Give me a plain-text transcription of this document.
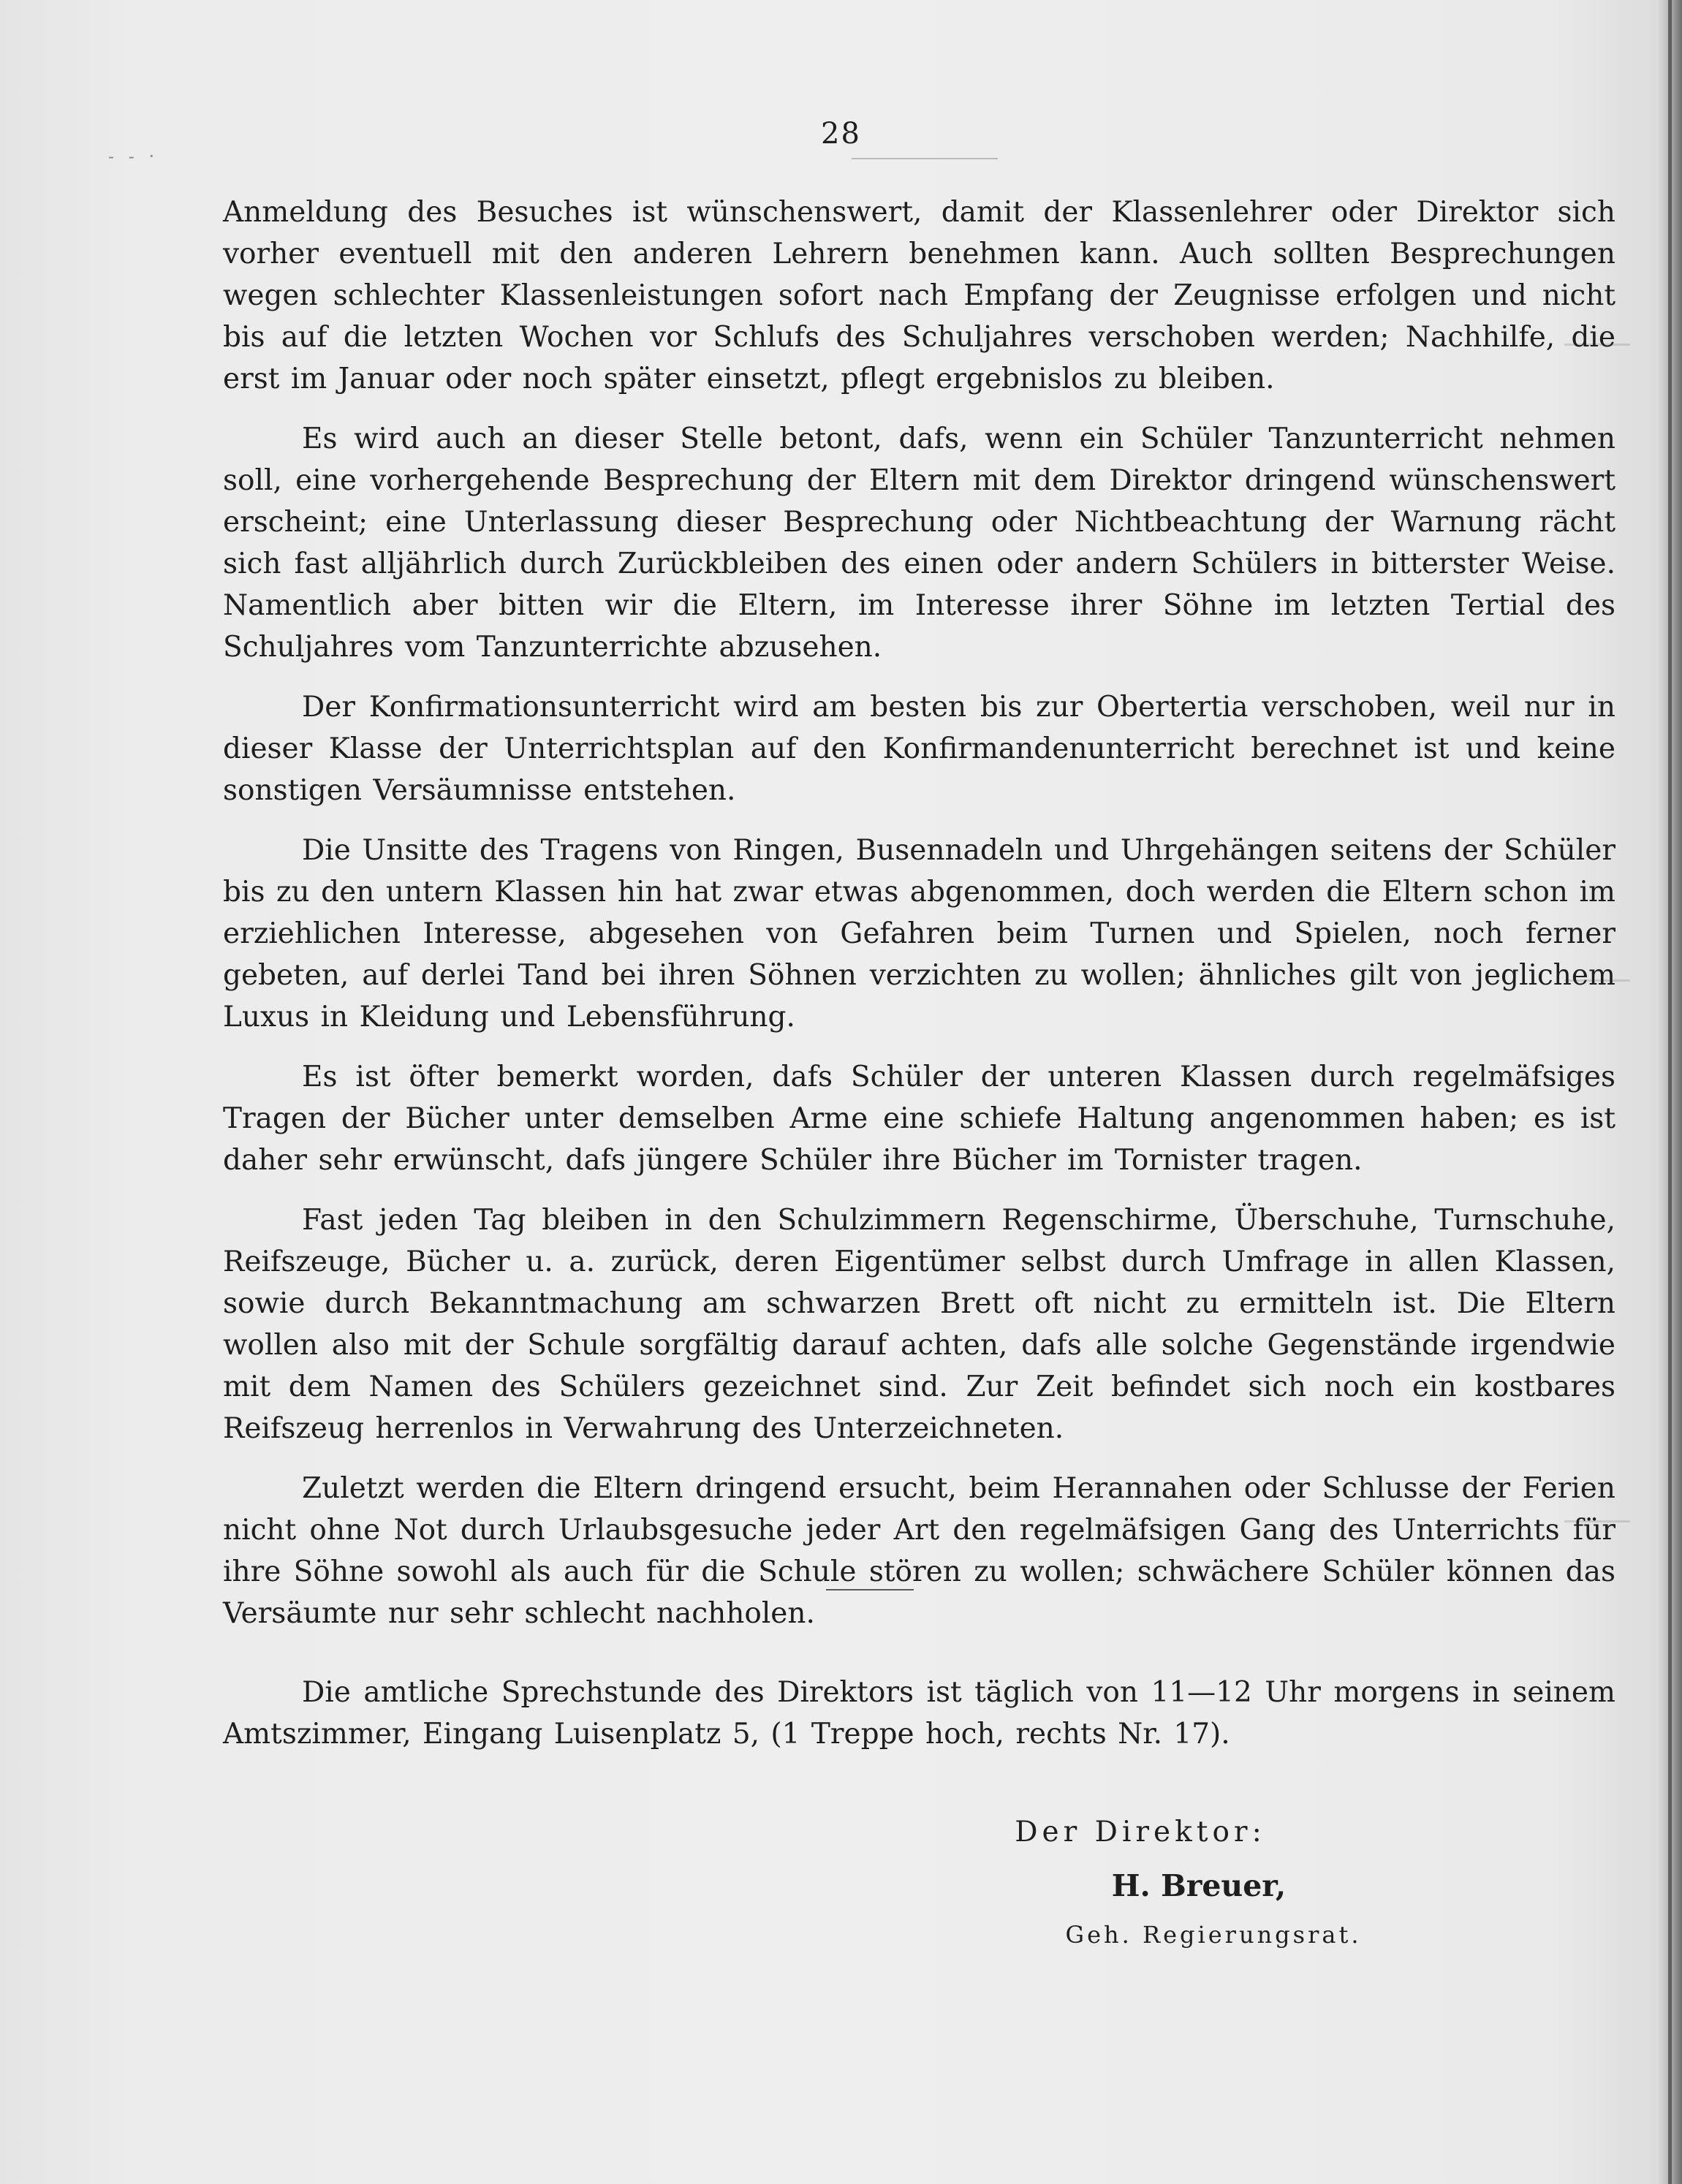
- - ·
28

Anmeldung des Besuches ist wünschenswert, damit der Klassenlehrer oder Direktor sich vorher eventuell mit den anderen Lehrern benehmen kann. Auch sollten Besprechungen wegen schlechter Klassenleistungen sofort nach Empfang der Zeugnisse erfolgen und nicht bis auf die letzten Wochen vor Schlufs des Schuljahres verschoben werden; Nachhilfe, die erst im Januar oder noch später einsetzt, pflegt ergebnislos zu bleiben.

Es wird auch an dieser Stelle betont, dafs, wenn ein Schüler Tanzunterricht nehmen soll, eine vorhergehende Besprechung der Eltern mit dem Direktor dringend wünschenswert erscheint; eine Unterlassung dieser Besprechung oder Nichtbeachtung der Warnung rächt sich fast alljährlich durch Zurückbleiben des einen oder andern Schülers in bitterster Weise. Namentlich aber bitten wir die Eltern, im Interesse ihrer Söhne im letzten Tertial des Schuljahres vom Tanzunterrichte abzusehen.

Der Konfirmationsunterricht wird am besten bis zur Obertertia verschoben, weil nur in dieser Klasse der Unterrichtsplan auf den Konfirmandenunterricht berechnet ist und keine sonstigen Versäumnisse entstehen.

Die Unsitte des Tragens von Ringen, Busennadeln und Uhrgehängen seitens der Schüler bis zu den untern Klassen hin hat zwar etwas abgenommen, doch werden die Eltern schon im erziehlichen Interesse, abgesehen von Gefahren beim Turnen und Spielen, noch ferner gebeten, auf derlei Tand bei ihren Söhnen verzichten zu wollen; ähnliches gilt von jeglichem Luxus in Kleidung und Lebensführung.

Es ist öfter bemerkt worden, dafs Schüler der unteren Klassen durch regelmäfsiges Tragen der Bücher unter demselben Arme eine schiefe Haltung angenommen haben; es ist daher sehr erwünscht, dafs jüngere Schüler ihre Bücher im Tornister tragen.

Fast jeden Tag bleiben in den Schulzimmern Regenschirme, Überschuhe, Turnschuhe, Reifszeuge, Bücher u. a. zurück, deren Eigentümer selbst durch Umfrage in allen Klassen, sowie durch Bekanntmachung am schwarzen Brett oft nicht zu ermitteln ist. Die Eltern wollen also mit der Schule sorgfältig darauf achten, dafs alle solche Gegenstände irgendwie mit dem Namen des Schülers gezeichnet sind. Zur Zeit befindet sich noch ein kostbares Reifszeug herrenlos in Verwahrung des Unterzeichneten.

Zuletzt werden die Eltern dringend ersucht, beim Herannahen oder Schlusse der Ferien nicht ohne Not durch Urlaubsgesuche jeder Art den regelmäfsigen Gang des Unterrichts für ihre Söhne sowohl als auch für die Schule stören zu wollen; schwächere Schüler können das Versäumte nur sehr schlecht nachholen.

Die amtliche Sprechstunde des Direktors ist täglich von 11—12 Uhr morgens in seinem Amtszimmer, Eingang Luisenplatz 5, (1 Treppe hoch, rechts Nr. 17).
Der Direktor:
H. Breuer,
Geh. Regierungsrat.
